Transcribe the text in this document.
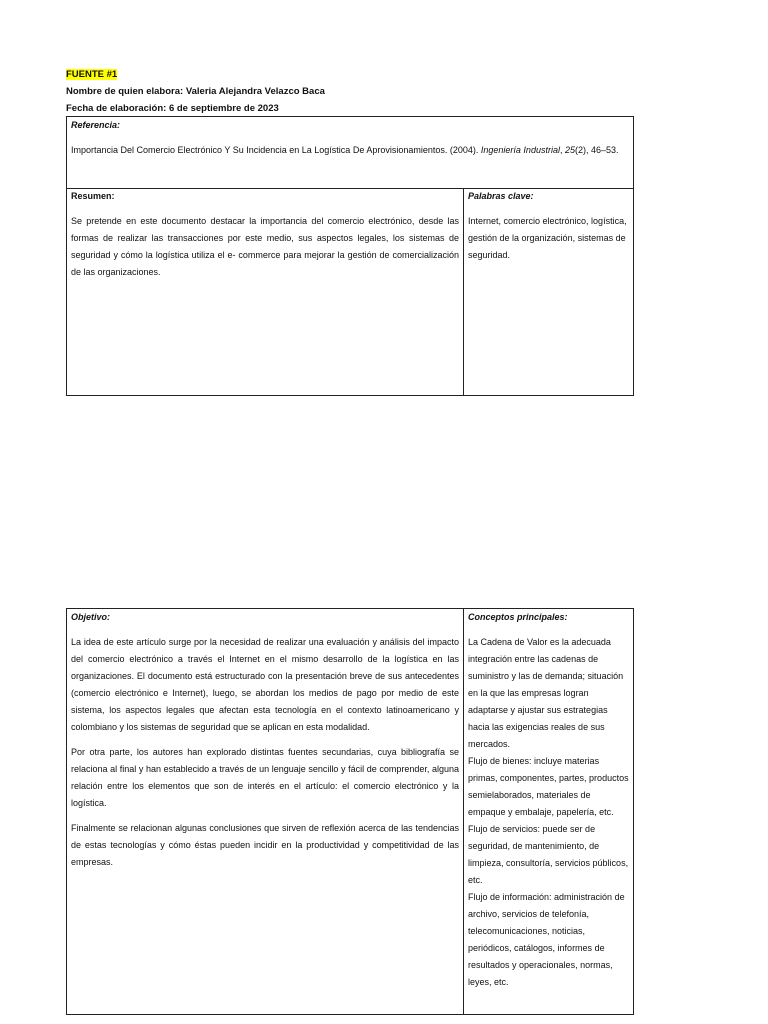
FUENTE #1
Nombre de quien elabora: Valeria Alejandra Velazco Baca
Fecha de elaboración: 6 de septiembre de 2023
Referencia:
Importancia Del Comercio Electrónico Y Su Incidencia en La Logística De Aprovisionamientos. (2004). Ingeniería Industrial, 25(2), 46–53.
Resumen:
Se pretende en este documento destacar la importancia del comercio electrónico, desde las formas de realizar las transacciones por este medio, sus aspectos legales, los sistemas de seguridad y cómo la logística utiliza el e- commerce para mejorar la gestión de comercialización de las organizaciones.
Palabras clave:
Internet, comercio electrónico, logística, gestión de la organización, sistemas de seguridad.
Objetivo:
La idea de este artículo surge por la necesidad de realizar una evaluación y análisis del impacto del comercio electrónico a través el Internet en el mismo desarrollo de la logística en las organizaciones. El documento está estructurado con la presentación breve de sus antecedentes (comercio electrónico e Internet), luego, se abordan los medios de pago por medio de este sistema, los aspectos legales que afectan esta tecnología en el contexto latinoamericano y colombiano y los sistemas de seguridad que se aplican en esta modalidad.
Por otra parte, los autores han explorado distintas fuentes secundarias, cuya bibliografía se relaciona al final y han establecido a través de un lenguaje sencillo y fácil de comprender, alguna relación entre los elementos que son de interés en el artículo: el comercio electrónico y la logística.
Finalmente se relacionan algunas conclusiones que sirven de reflexión acerca de las tendencias de estas tecnologías y cómo éstas pueden incidir en la productividad y competitividad de las empresas.
Conceptos principales:
La Cadena de Valor es la adecuada integración entre las cadenas de suministro y las de demanda; situación en la que las empresas logran adaptarse y ajustar sus estrategias hacia las exigencias reales de sus mercados.
Flujo de bienes: incluye materias primas, componentes, partes, productos semielaborados, materiales de empaque y embalaje, papelería, etc. Flujo de servicios: puede ser de seguridad, de mantenimiento, de limpieza, consultoría, servicios públicos, etc.
Flujo de información: administración de archivo, servicios de telefonía, telecomunicaciones, noticias, periódicos, catálogos, informes de resultados y operacionales, normas, leyes, etc.
